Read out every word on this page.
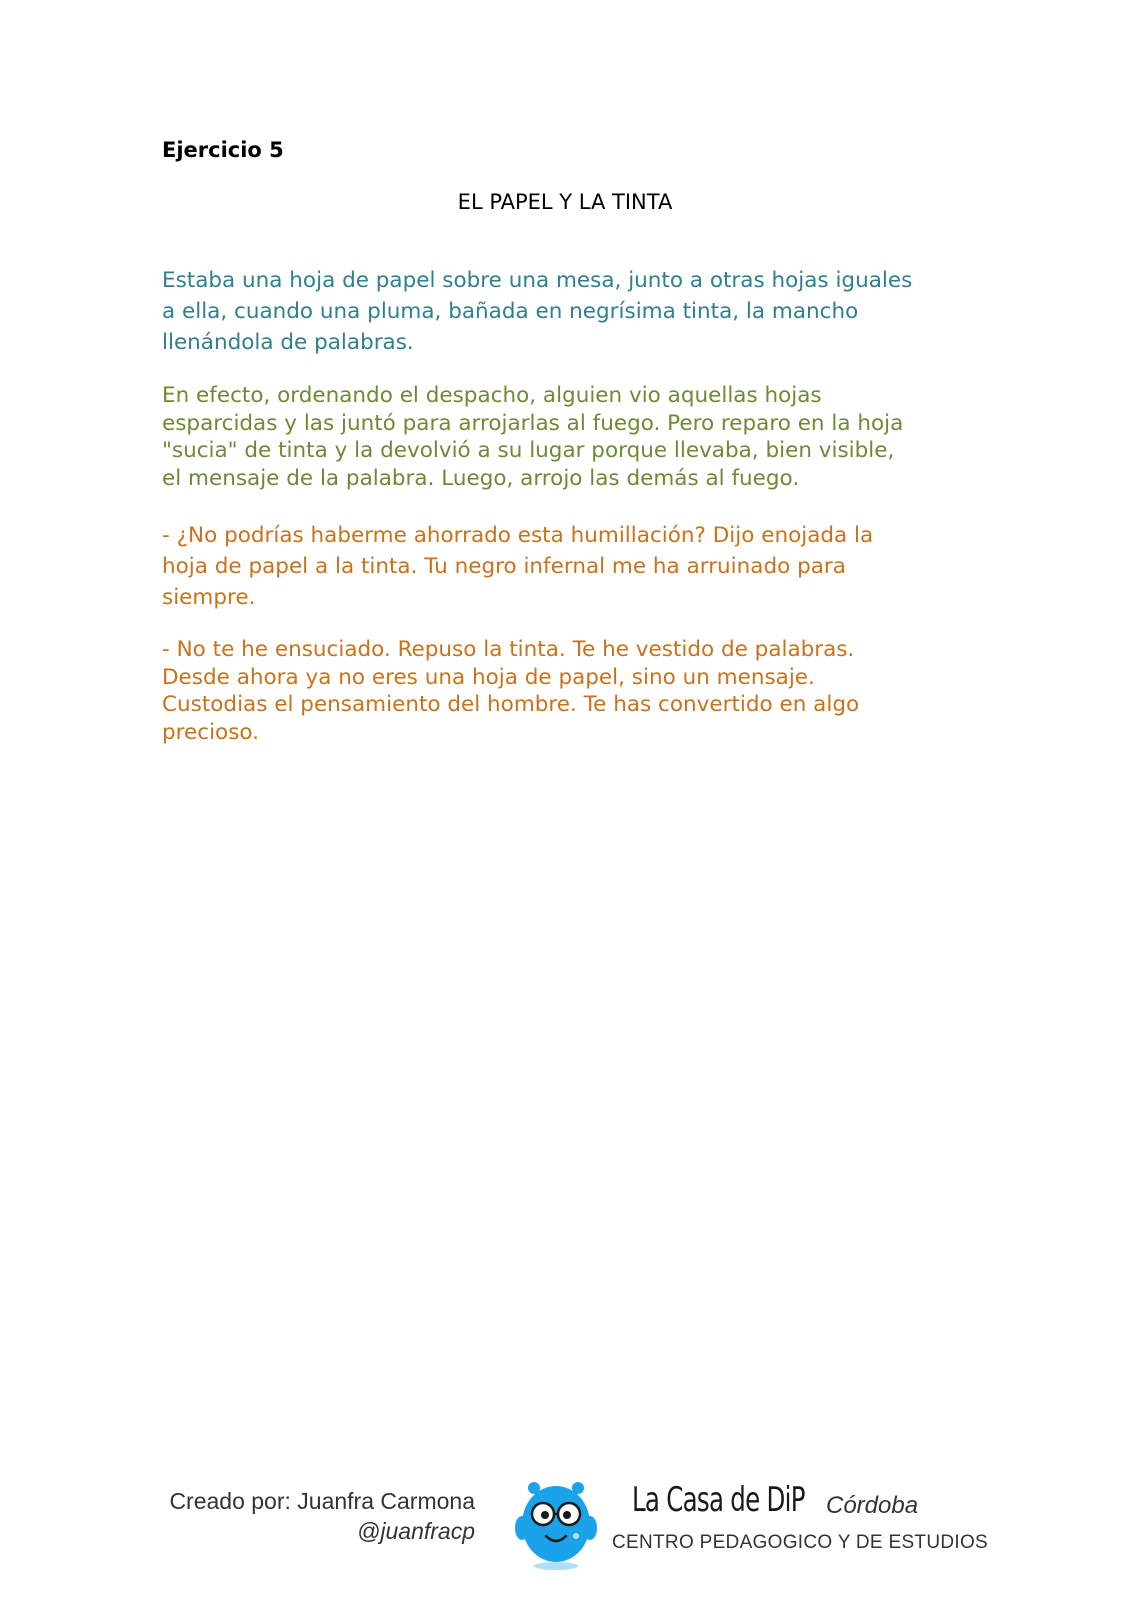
Ejercicio 5
EL PAPEL Y LA TINTA

Estaba una hoja de papel sobre una mesa, junto a otras hojas iguales
a ella, cuando una pluma, bañada en negrísima tinta, la mancho
llenándola de palabras.

En efecto, ordenando el despacho, alguien vio aquellas hojas
esparcidas y las juntó para arrojarlas al fuego. Pero reparo en la hoja
"sucia" de tinta y la devolvió a su lugar porque llevaba, bien visible,
el mensaje de la palabra. Luego, arrojo las demás al fuego.

- ¿No podrías haberme ahorrado esta humillación? Dijo enojada la
hoja de papel a la tinta. Tu negro infernal me ha arruinado para
siempre.

- No te he ensuciado. Repuso la tinta. Te he vestido de palabras.
Desde ahora ya no eres una hoja de papel, sino un mensaje.
Custodias el pensamiento del hombre. Te has convertido en algo
precioso.

Creado por: Juanfra Carmona
@juanfracp
La Casa de DiP Córdoba
CENTRO PEDAGOGICO Y DE ESTUDIOS
